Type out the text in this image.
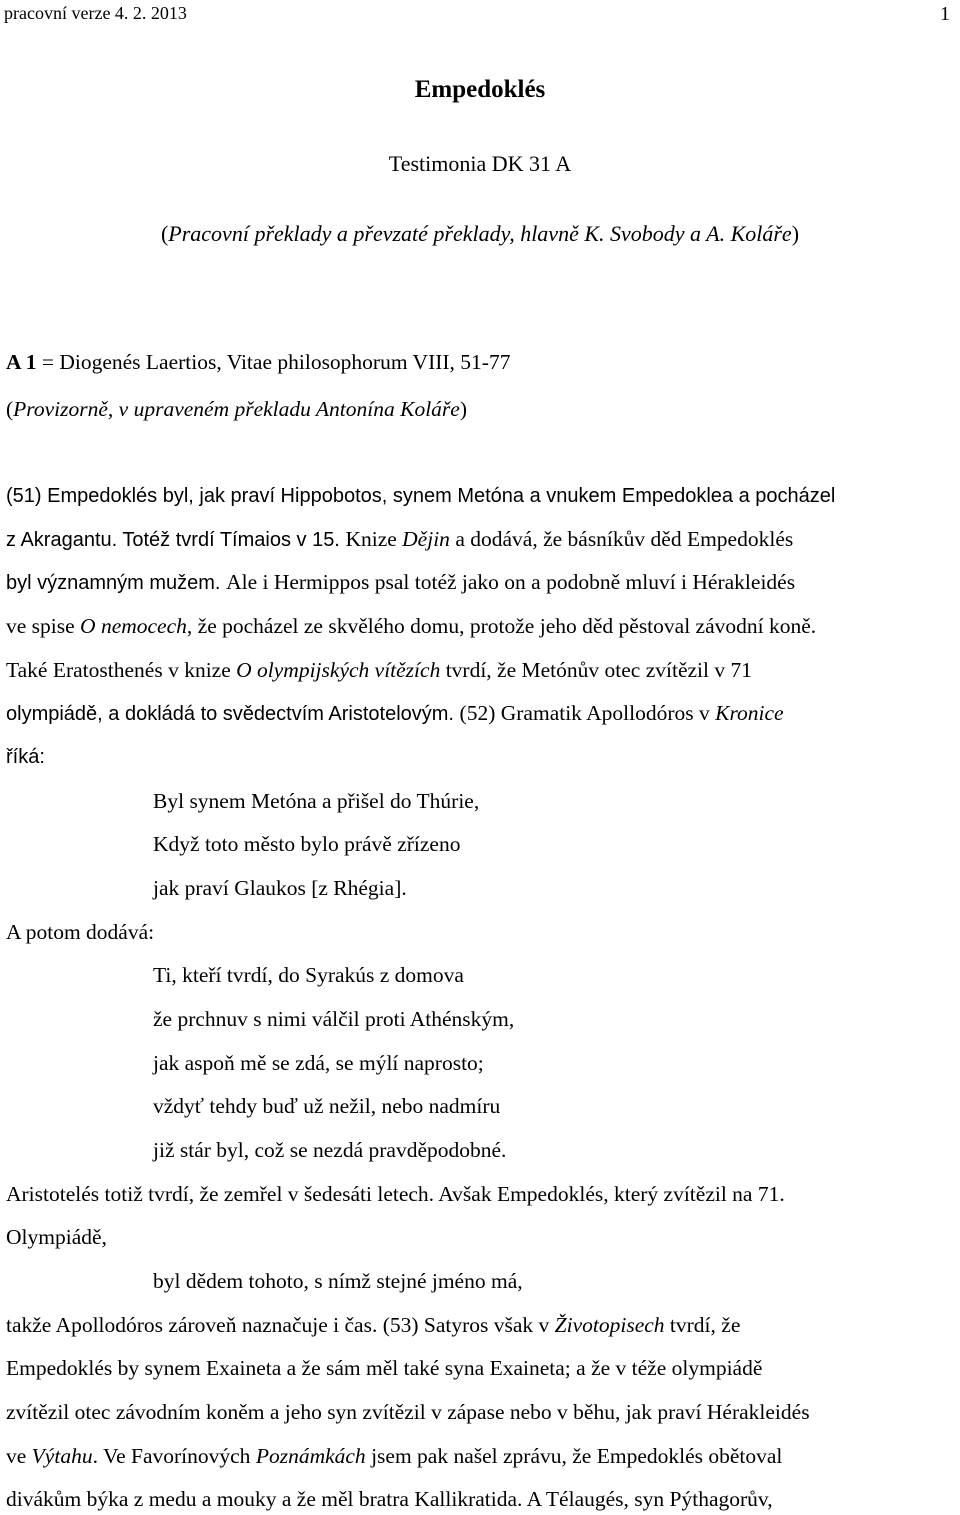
pracovní verze 4. 2. 2013	1
Empedoklés
Testimonia DK 31 A
(Pracovní překlady a převzaté překlady, hlavně K. Svobody a A. Koláře)
A 1 = Diogenés Laertios, Vitae philosophorum VIII, 51-77
(Provizorně, v upraveném překladu Antonína Koláře)
(51) Empedoklés byl, jak praví Hippobotos, synem Metóna a vnukem Empedoklea a pocházel
z Akragantu. Totéž tvrdí Tímaios v 15. Knize Dějin a dodává, že básníkův děd Empedoklés
byl významným mužem. Ale i Hermippos psal totéž jako on a podobně mluví i Hérakleidés
ve spise O nemocech, že pocházel ze skvělého domu, protože jeho děd pěstoval závodní koně.
Také Eratosthenés v knize O olympijských vítězích tvrdí, že Metónův otec zvítězil v 71
olympiádě, a dokládá to svědectvím Aristotelovým. (52) Gramatik Apollodóros v Kronice
říká:
Byl synem Metóna a přišel do Thúrie,
Když toto město bylo právě zřízeno
jak praví Glaukos [z Rhégia].
A potom dodává:
Ti, kteří tvrdí, do Syrakús z domova
že prchnuv s nimi válčil proti Athénským,
jak aspoň mě se zdá, se mýlí naprosto;
vždyť tehdy buď už nežil, nebo nadmíru
již stár byl, což se nezdá pravděpodobné.
Aristotelés totiž tvrdí, že zemřel v šedesáti letech. Avšak Empedoklés, který zvítězil na 71.
Olympiádě,
byl dědem tohoto, s nímž stejné jméno má,
takže Apollodóros zároveň naznačuje i čas. (53) Satyros však v Životopisech tvrdí, že
Empedoklés by synem Exaineta a že sám měl také syna Exaineta; a že v téže olympiádě
zvítězil otec závodním koněm a jeho syn zvítězil v zápase nebo v běhu, jak praví Hérakleidés
ve Výtahu. Ve Favorínových Poznámkách jsem pak našel zprávu, že Empedoklés obětoval
divákům býka z medu a mouky a že měl bratra Kallikratida. A Télaugés, syn Pýthagorův,
